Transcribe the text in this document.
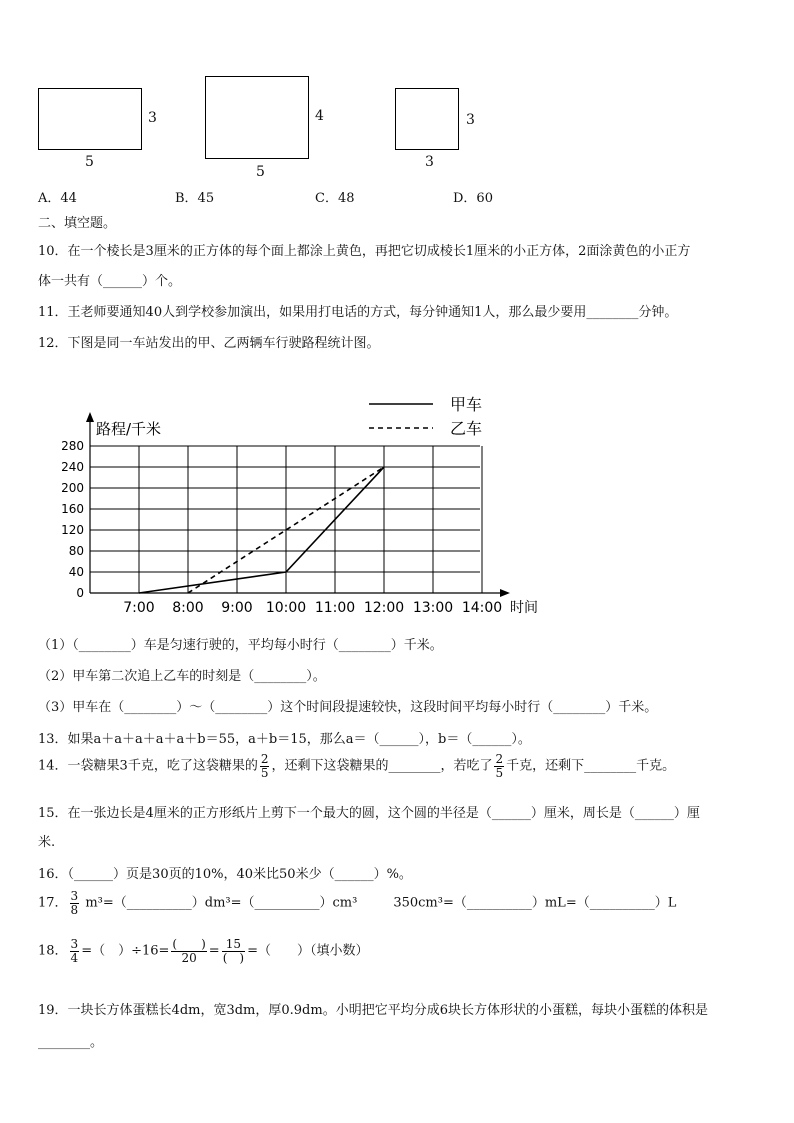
3
5
4
5
3
3
A．44	B．45	C．48	D．60
二、填空题。
10．在一个棱长是3厘米的正方体的每个面上都涂上黄色，再把它切成棱长1厘米的小正方体，2面涂黄色的小正方
体一共有（______）个。
11．王老师要通知40人到学校参加演出，如果用打电话的方式，每分钟通知1人，那么最少要用________分钟。
12．下图是同一车站发出的甲、乙两辆车行驶路程统计图。
0
40
80
120
160
200
240
280
7:00 8:00 9:00 10:00 11:00 12:00 13:00 14:00 时间
路程/千米
甲车
乙车
（1）（________）车是匀速行驶的，平均每小时行（________）千米。
（2）甲车第二次追上乙车的时刻是（________）。
（3）甲车在（________）～（________）这个时间段提速较快，这段时间平均每小时行（________）千米。
13．如果a＋a＋a＋a＋a＋b＝55，a＋b＝15，那么a＝（______），b＝（______）。
14．一袋糖果3千克，吃了这袋糖果的 $\frac{2}{5}$ ，还剩下这袋糖果的________，若吃了 $\frac{2}{5}$ 千克，还剩下________千克。
15．在一张边长是4厘米的正方形纸片上剪下一个最大的圆，这个圆的半径是（______）厘米，周长是（______）厘
米.
16．（______）页是30页的10%，40米比50米少（______）%。
17． $\frac{3}{8}$ m³=（__________）dm³=（__________）cm³	350cm³=（__________）mL=（__________）L
18． $\frac{3}{4}$ =（　）$\div 16= \frac{( )}{20} = \frac{15}{( )}$ =（　　）（填小数）
19．一块长方体蛋糕长4dm，宽3dm，厚0.9dm。小明把它平均分成6块长方体形状的小蛋糕，每块小蛋糕的体积是
________。
